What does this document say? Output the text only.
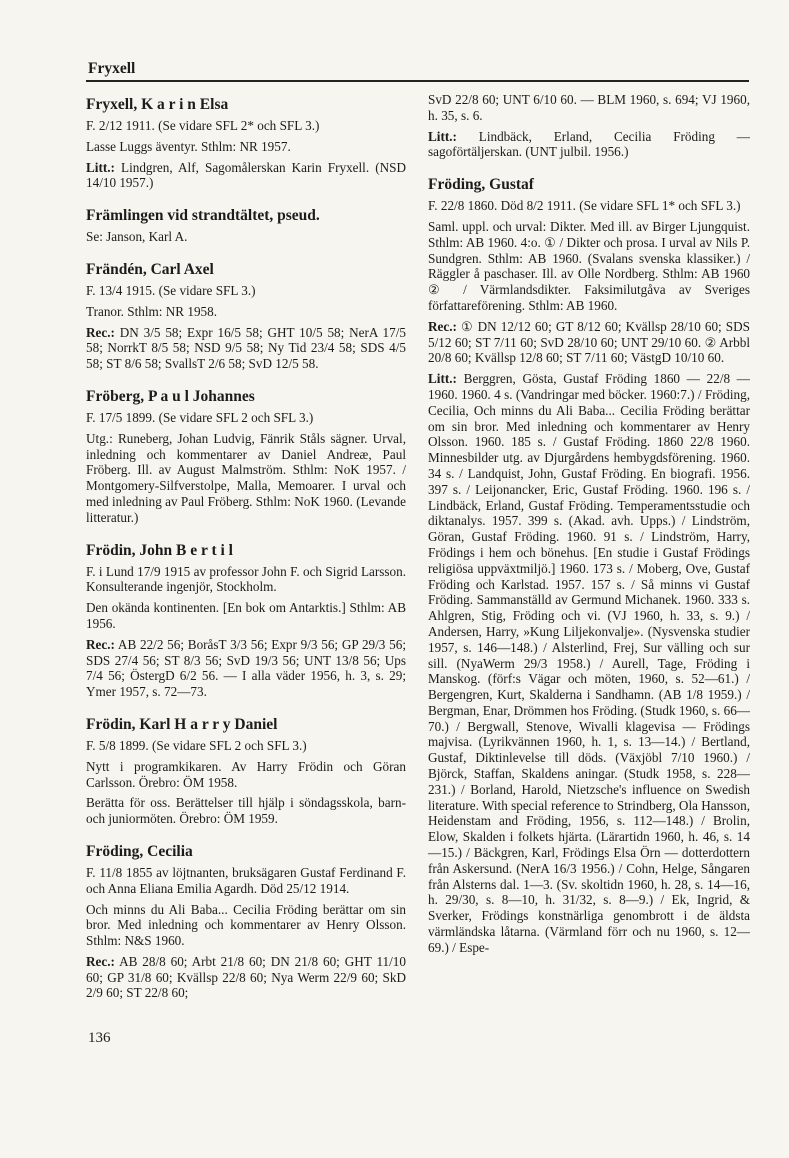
Fryxell
Fryxell, K a r i n Elsa
F. 2/12 1911. (Se vidare SFL 2* och SFL 3.)
Lasse Luggs äventyr. Sthlm: NR 1957.
Litt.: Lindgren, Alf, Sagomålerskan Karin Fryxell. (NSD 14/10 1957.)
Främlingen vid strandtältet, pseud.
Se: Janson, Karl A.
Frändén, Carl Axel
F. 13/4 1915. (Se vidare SFL 3.)
Tranor. Sthlm: NR 1958.
Rec.: DN 3/5 58; Expr 16/5 58; GHT 10/5 58; NerA 17/5 58; NorrkT 8/5 58; NSD 9/5 58; Ny Tid 23/4 58; SDS 4/5 58; ST 8/6 58; SvallsT 2/6 58; SvD 12/5 58.
Fröberg, P a u l Johannes
F. 17/5 1899. (Se vidare SFL 2 och SFL 3.)
Utg.: Runeberg, Johan Ludvig, Fänrik Ståls sägner. Urval, inledning och kommentarer av Daniel Andreæ, Paul Fröberg. Ill. av August Malmström. Sthlm: NoK 1957. / Montgomery-Silfverstolpe, Malla, Memoarer. I urval och med inledning av Paul Fröberg. Sthlm: NoK 1960. (Levande litteratur.)
Frödin, John B e r t i l
F. i Lund 17/9 1915 av professor John F. och Sigrid Larsson. Konsulterande ingenjör, Stockholm.
Den okända kontinenten. [En bok om Antarktis.] Sthlm: AB 1956.
Rec.: AB 22/2 56; BoråsT 3/3 56; Expr 9/3 56; GP 29/3 56; SDS 27/4 56; ST 8/3 56; SvD 19/3 56; UNT 13/8 56; Ups 7/4 56; ÖstergD 6/2 56. — I alla väder 1956, h. 3, s. 29; Ymer 1957, s. 72—73.
Frödin, Karl H a r r y Daniel
F. 5/8 1899. (Se vidare SFL 2 och SFL 3.)
Nytt i programkikaren. Av Harry Frödin och Göran Carlsson. Örebro: ÖM 1958.
Berätta för oss. Berättelser till hjälp i söndagsskola, barn- och juniormöten. Örebro: ÖM 1959.
Fröding, Cecilia
F. 11/8 1855 av löjtnanten, bruksägaren Gustaf Ferdinand F. och Anna Eliana Emilia Agardh. Död 25/12 1914.
Och minns du Ali Baba... Cecilia Fröding berättar om sin bror. Med inledning och kommentarer av Henry Olsson. Sthlm: N&S 1960.
Rec.: AB 28/8 60; Arbt 21/8 60; DN 21/8 60; GHT 11/10 60; GP 31/8 60; Kvällsp 22/8 60; Nya Werm 22/9 60; SkD 2/9 60; ST 22/8 60;
SvD 22/8 60; UNT 6/10 60. — BLM 1960, s. 694; VJ 1960, h. 35, s. 6.
Litt.: Lindbäck, Erland, Cecilia Fröding — sagoförtäljerskan. (UNT julbil. 1956.)
Fröding, Gustaf
F. 22/8 1860. Död 8/2 1911. (Se vidare SFL 1* och SFL 3.)
Saml. uppl. och urval: Dikter. Med ill. av Birger Ljungquist. Sthlm: AB 1960. 4:o. ① / Dikter och prosa. I urval av Nils P. Sundgren. Sthlm: AB 1960. (Svalans svenska klassiker.) / Räggler å paschaser. Ill. av Olle Nordberg. Sthlm: AB 1960 ② / Värmlandsdikter. Faksimilutgåva av Sveriges författareförening. Sthlm: AB 1960.
Rec.: ① DN 12/12 60; GT 8/12 60; Kvällsp 28/10 60; SDS 5/12 60; ST 7/11 60; SvD 28/10 60; UNT 29/10 60. ② Arbbl 20/8 60; Kvällsp 12/8 60; ST 7/11 60; VästgD 10/10 60.
Litt.: Berggren, Gösta, Gustaf Fröding 1860 — 22/8 — 1960. 1960. 4 s. (Vandringar med böcker. 1960:7.) / Fröding, Cecilia, Och minns du Ali Baba... Cecilia Fröding berättar om sin bror. Med inledning och kommentarer av Henry Olsson. 1960. 185 s. / Gustaf Fröding. 1860 22/8 1960. Minnesbilder utg. av Djurgårdens hembygdsförening. 1960. 34 s. / Landquist, John, Gustaf Fröding. En biografi. 1956. 397 s. / Leijonancker, Eric, Gustaf Fröding. 1960. 196 s. / Lindbäck, Erland, Gustaf Fröding. Temperamentsstudie och diktanalys. 1957. 399 s. (Akad. avh. Upps.) / Lindström, Göran, Gustaf Fröding. 1960. 91 s. / Lindström, Harry, Frödings i hem och bönehus. [En studie i Gustaf Frödings religiösa uppväxtmiljö.] 1960. 173 s. / Moberg, Ove, Gustaf Fröding och Karlstad. 1957. 157 s. / Så minns vi Gustaf Fröding. Sammanställd av Germund Michanek. 1960. 333 s. Ahlgren, Stig, Fröding och vi. (VJ 1960, h. 33, s. 9.) / Andersen, Harry, »Kung Liljekonvalje». (Nysvenska studier 1957, s. 146—148.) / Alsterlind, Frej, Sur välling och sur sill. (NyaWerm 29/3 1958.) / Aurell, Tage, Fröding i Manskog. (förf:s Vägar och möten, 1960, s. 52—61.) / Bergengren, Kurt, Skalderna i Sandhamn. (AB 1/8 1959.) / Bergman, Enar, Drömmen hos Fröding. (Studk 1960, s. 66—70.) / Bergwall, Stenove, Wivalli klagevisa — Frödings majvisa. (Lyrikvännen 1960, h. 1, s. 13—14.) / Bertland, Gustaf, Diktinlevelse till döds. (Växjöbl 7/10 1960.) / Björck, Staffan, Skaldens aningar. (Studk 1958, s. 228—231.) / Borland, Harold, Nietzsche's influence on Swedish literature. With special reference to Strindberg, Ola Hansson, Heidenstam and Fröding, 1956, s. 112—148.) / Brolin, Elow, Skalden i folkets hjärta. (Lärartidn 1960, h. 46, s. 14—15.) / Bäckgren, Karl, Frödings Elsa Örn — dotterdottern från Askersund. (NerA 16/3 1956.) / Cohn, Helge, Sångaren från Alsterns dal. 1—3. (Sv. skoltidn 1960, h. 28, s. 14—16, h. 29/30, s. 8—10, h. 31/32, s. 8—9.) / Ek, Ingrid, & Sverker, Frödings konstnärliga genombrott i de äldsta värmländska låtarna. (Värmland förr och nu 1960, s. 12—69.) / Espe-
136
